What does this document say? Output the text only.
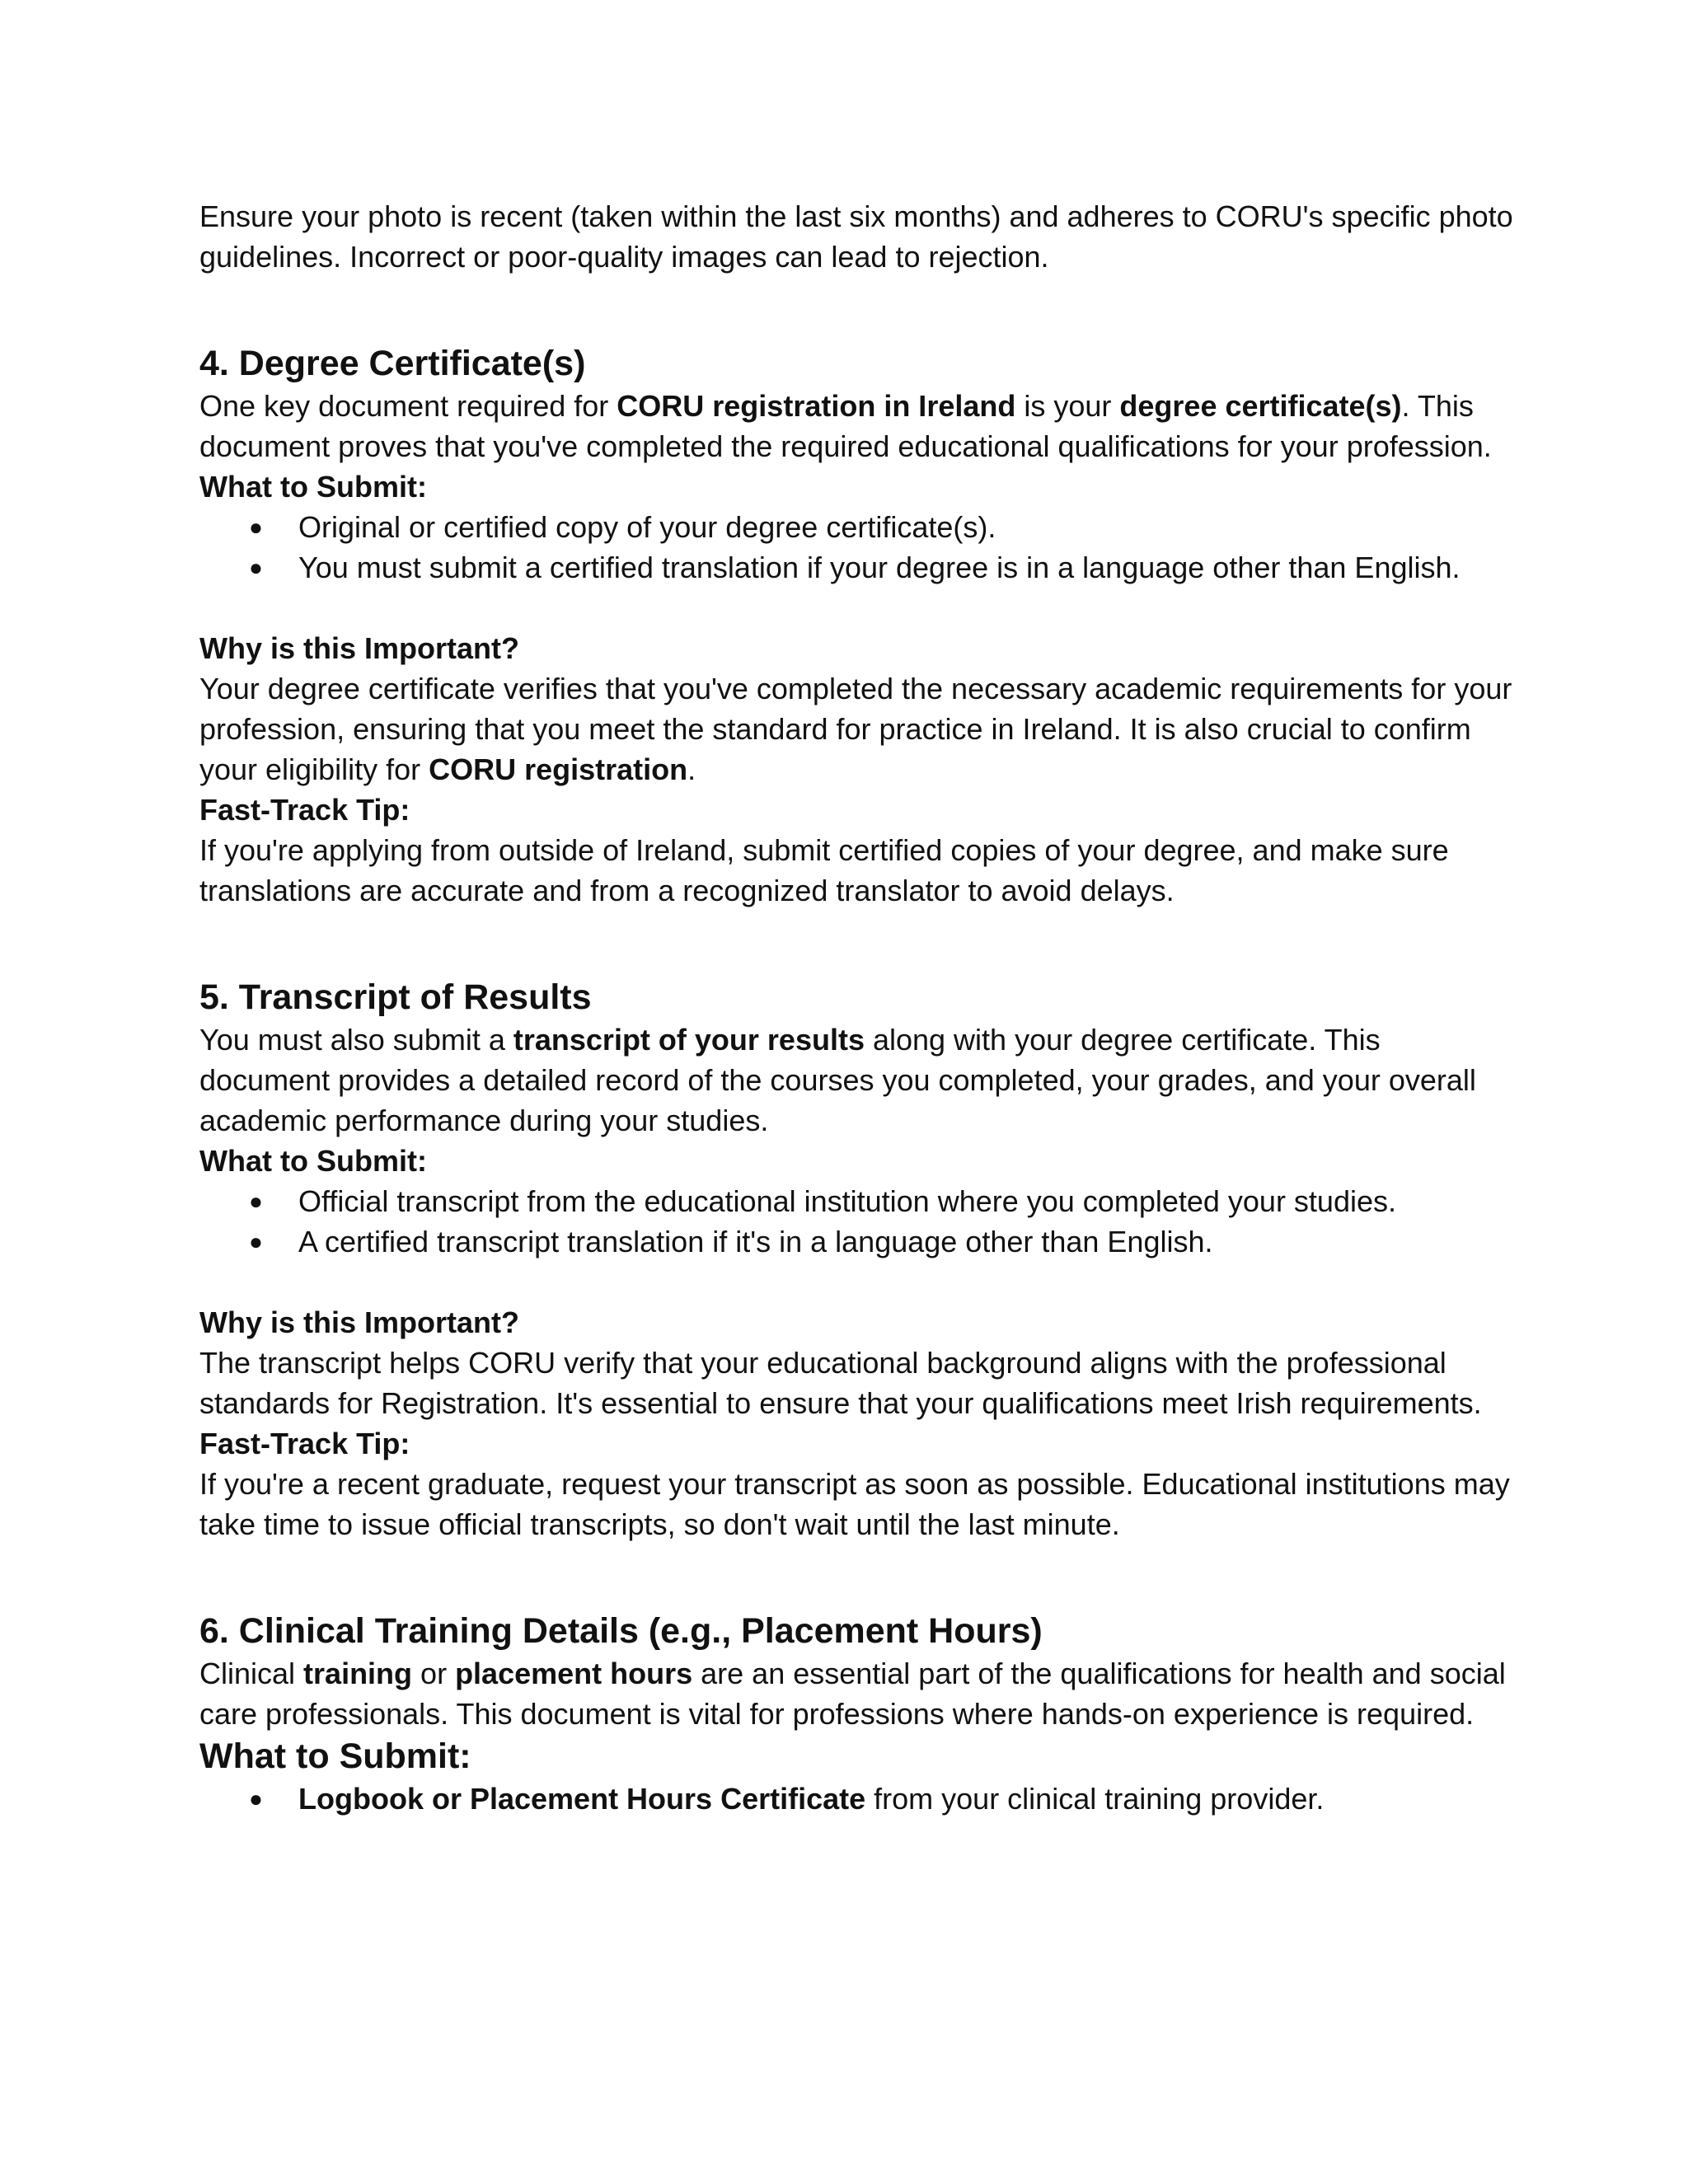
Ensure your photo is recent (taken within the last six months) and adheres to CORU's specific photo guidelines. Incorrect or poor-quality images can lead to rejection.

4. Degree Certificate(s)

One key document required for CORU registration in Ireland is your degree certificate(s). This document proves that you've completed the required educational qualifications for your profession.

What to Submit:

● Original or certified copy of your degree certificate(s).
● You must submit a certified translation if your degree is in a language other than English.

Why is this Important?

Your degree certificate verifies that you've completed the necessary academic requirements for your profession, ensuring that you meet the standard for practice in Ireland. It is also crucial to confirm your eligibility for CORU registration.

Fast-Track Tip:

If you're applying from outside of Ireland, submit certified copies of your degree, and make sure translations are accurate and from a recognized translator to avoid delays.

5. Transcript of Results

You must also submit a transcript of your results along with your degree certificate. This document provides a detailed record of the courses you completed, your grades, and your overall academic performance during your studies.

What to Submit:

● Official transcript from the educational institution where you completed your studies.
● A certified transcript translation if it's in a language other than English.

Why is this Important?

The transcript helps CORU verify that your educational background aligns with the professional standards for Registration. It's essential to ensure that your qualifications meet Irish requirements.

Fast-Track Tip:

If you're a recent graduate, request your transcript as soon as possible. Educational institutions may take time to issue official transcripts, so don't wait until the last minute.

6. Clinical Training Details (e.g., Placement Hours)

Clinical training or placement hours are an essential part of the qualifications for health and social care professionals. This document is vital for professions where hands-on experience is required.

What to Submit:
● Logbook or Placement Hours Certificate from your clinical training provider.
